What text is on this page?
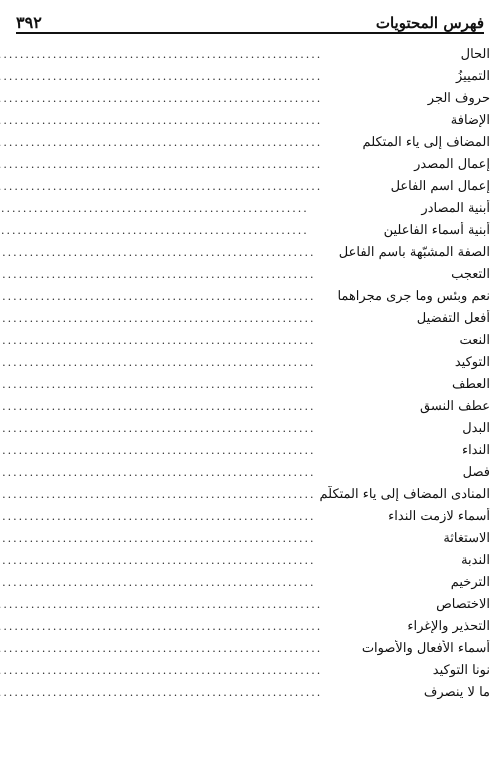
فهرس المحتويات
٣٩٢
الحال
.....
التمييزُ
.....
حروف الجر
.....
الإضافة
.....
المضاف إلى ياء المتكلم
.....
إعمال المصدر
.....
إعمال اسم الفاعل
.....
أبنية المصادر
.....
أبنية أسماء الفاعلين
.....
الصفة المشبّهة باسم الفاعل
.....
التعجب
.....
نعم وبئس وما جرى مجراهما
.....
أفعل التفضيل
.....
النعت
.....
التوكيد
.....
العطف
.....
عطف النسق
.....
البدل
.....
النداء
.....
فصل
.....
المنادى المضاف إلى ياء المتكلّم
.....
أسماء لازمت النداء
.....
الاستغاثة
.....
الندبة
.....
الترخيم
.....
الاختصاص
.....
التحذير والإغراء
.....
أسماء الأفعال والأصوات
.....
نونا التوكيد
.....
ما لا ينصرف
.....
